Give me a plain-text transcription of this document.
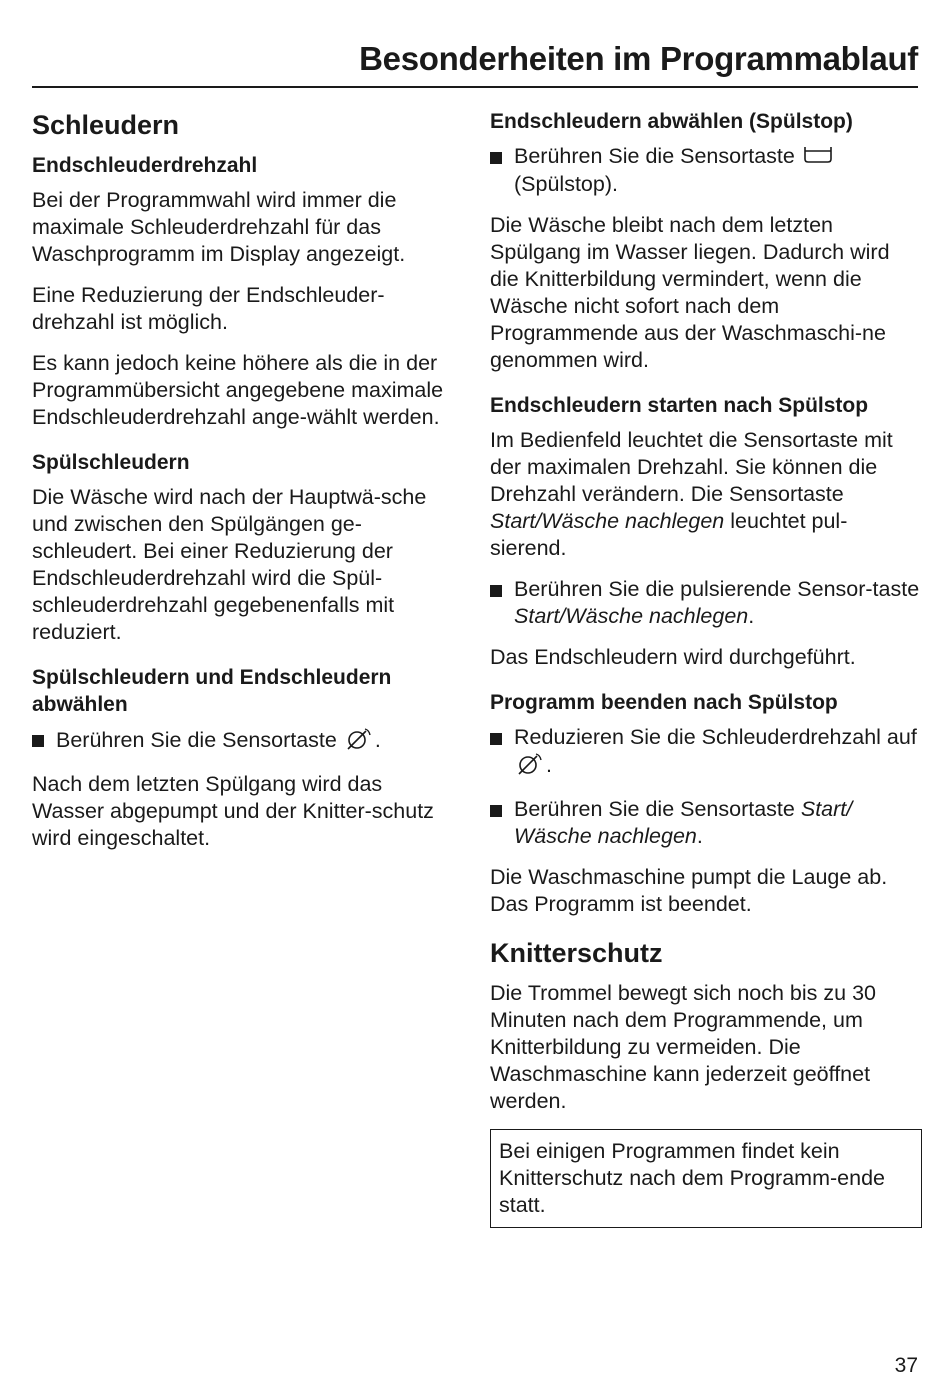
Besonderheiten im Programmablauf
Schleudern
Endschleuderdrehzahl

Bei der Programmwahl wird immer die maximale Schleuderdrehzahl für das Waschprogramm im Display angezeigt.

Eine Reduzierung der Endschleuder-drehzahl ist möglich.

Es kann jedoch keine höhere als die in der Programmübersicht angegebene maximale Endschleuderdrehzahl ange-wählt werden.

Spülschleudern

Die Wäsche wird nach der Hauptwä-sche und zwischen den Spülgängen ge-schleudert. Bei einer Reduzierung der Endschleuderdrehzahl wird die Spül-schleuderdrehzahl gegebenenfalls mit reduziert.

Spülschleudern und Endschleudern abwählen
Berühren Sie die Sensortaste .

Nach dem letzten Spülgang wird das Wasser abgepumpt und der Knitter-schutz wird eingeschaltet.

Endschleudern abwählen (Spülstop)
Berühren Sie die Sensortaste
(Spülstop).

Die Wäsche bleibt nach dem letzten Spülgang im Wasser liegen. Dadurch wird die Knitterbildung vermindert, wenn die Wäsche nicht sofort nach dem Programmende aus der Waschmaschi-ne genommen wird.

Endschleudern starten nach Spülstop

Im Bedienfeld leuchtet die Sensortaste mit der maximalen Drehzahl. Sie können die Drehzahl verändern. Die Sensortaste Start/Wäsche nachlegen leuchtet pul-sierend.

Berühren Sie die pulsierende Sensor-taste Start/Wäsche nachlegen.

Das Endschleudern wird durchgeführt.

Programm beenden nach Spülstop
Reduzieren Sie die Schleuderdrehzahl auf .
Berühren Sie die Sensortaste Start/ Wäsche nachlegen.

Die Waschmaschine pumpt die Lauge ab. Das Programm ist beendet.

Knitterschutz

Die Trommel bewegt sich noch bis zu 30 Minuten nach dem Programmende, um Knitterbildung zu vermeiden. Die Waschmaschine kann jederzeit geöffnet werden.

Bei einigen Programmen findet kein Knitterschutz nach dem Programm-ende statt.

37
